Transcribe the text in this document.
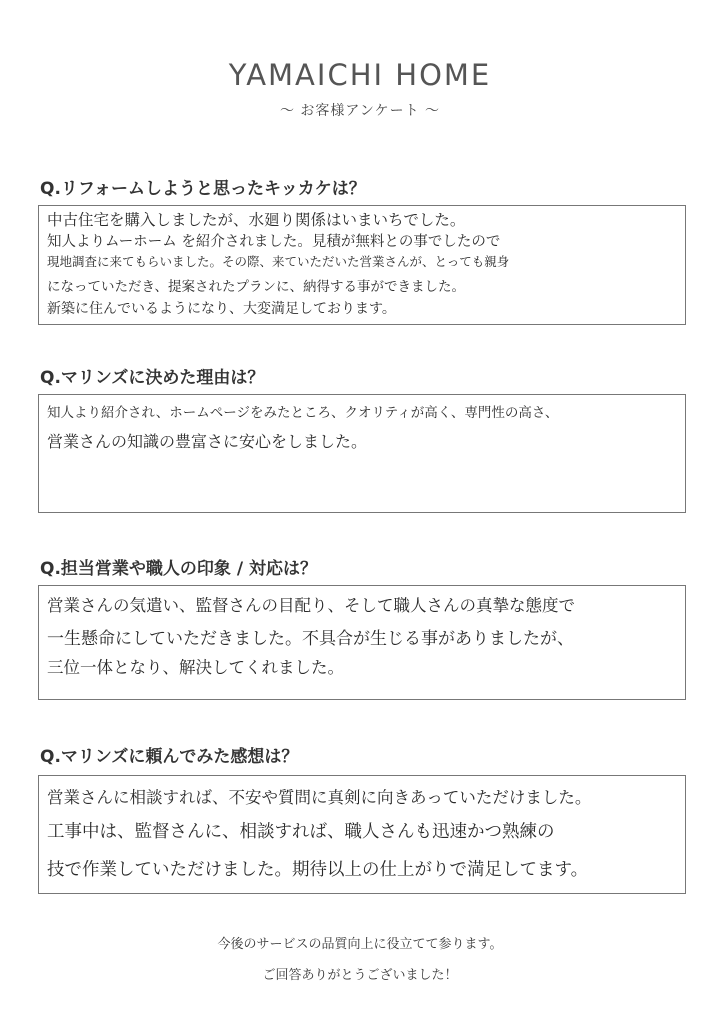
YAMAICHI HOME
～ お客様アンケート ～
Q.リフォームしようと思ったキッカケは？
中古住宅を購入しましたが、水廻り関係はいまいちでした。
知人よりムーホーム を紹介されました。見積が無料との事でしたので
現地調査に来てもらいました。その際、来ていただいた営業さんが、とっても親身
になっていただき、提案されたプランに、納得する事ができました。
新築に住んでいるようになり、大変満足しております。
Q.マリンズに決めた理由は？
知人より紹介され、ホームページをみたところ、クオリティが高く、専門性の高さ、
営業さんの知識の豊富さに安心をしました。
Q.担当営業や職人の印象 / 対応は？
営業さんの気遣い、監督さんの目配り、そして職人さんの真摯な態度で
一生懸命にしていただきました。不具合が生じる事がありましたが、
三位一体となり、解決してくれました。
Q.マリンズに頼んでみた感想は？
営業さんに相談すれば、不安や質問に真剣に向きあっていただけました。
工事中は、監督さんに、相談すれば、職人さんも迅速かつ熟練の
技で作業していただけました。期待以上の仕上がりで満足してます。
今後のサービスの品質向上に役立てて参ります。
ご回答ありがとうございました！
